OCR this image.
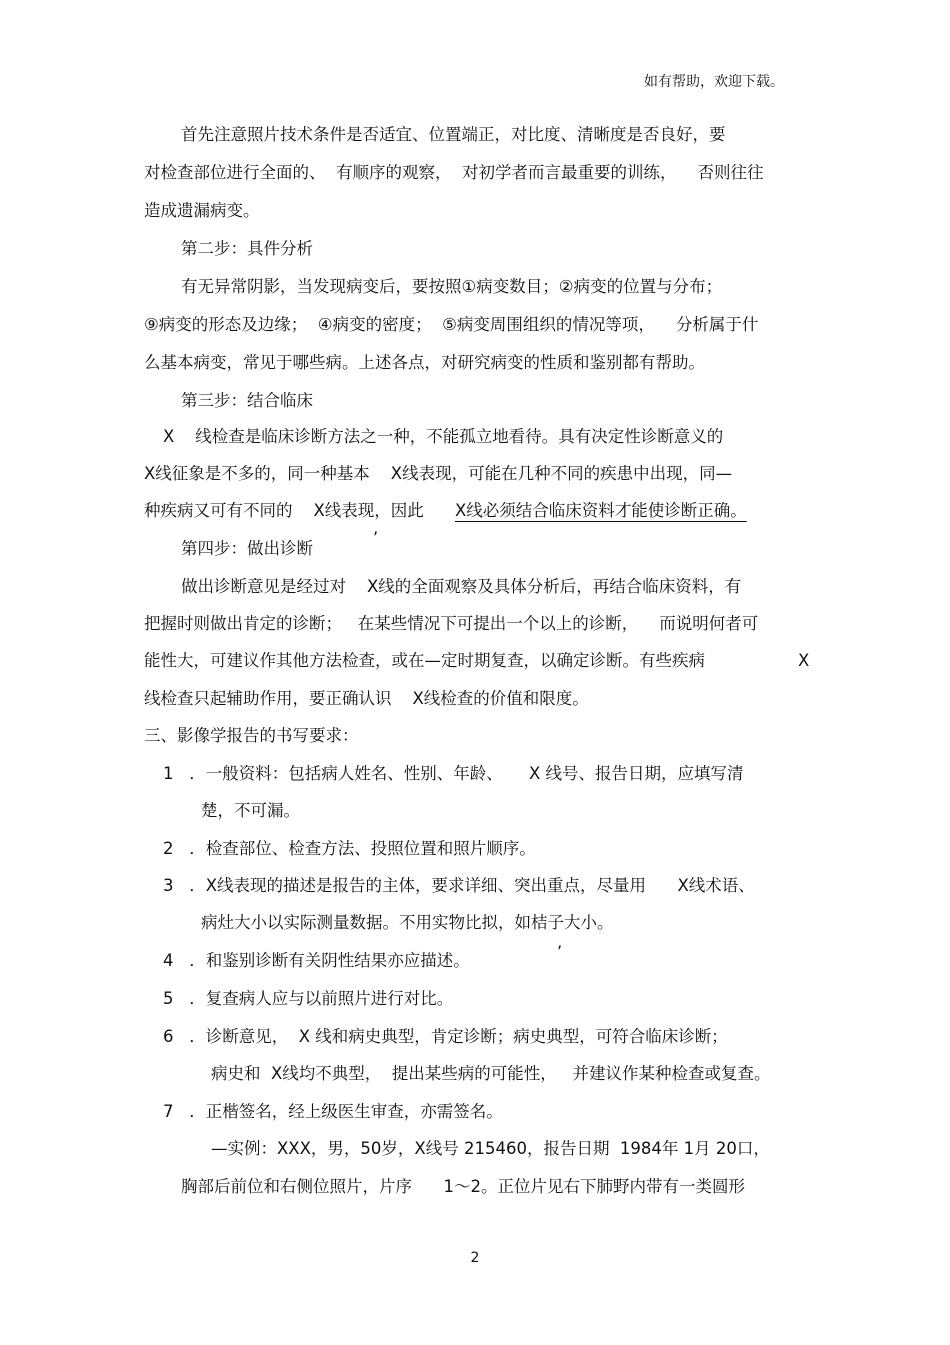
如有帮助，欢迎下载。
首先注意照片技术条件是否适宜、位置端正，对比度、清晰度是否良好，要
对检查部位进行全面的、  有顺序的观察，  对初学者而言最重要的训练，    否则往往
造成遗漏病变。
第二步：具件分析
有无异常阴影，当发现病变后，要按照①病变数目；②病变的位置与分布；
⑨病变的形态及边缘；  ④病变的密度；  ⑤病变周围组织的情况等项，    分析属于什
么基本病变，常见于哪些病。上述各点，对研究病变的性质和鉴别都有帮助。
第三步：结合临床
X    线检查是临床诊断方法之一种，不能孤立地看待。具有决定性诊断意义的
X线征象是不多的，同一种基本    X线表现，可能在几种不同的疾患中出现，同—
种疾病又可有不同的    X线表现，因此 X线必须结合临床资料才能使诊断正确。
第四步：做出诊断
’
做出诊断意见是经过对    X线的全面观察及具体分析后，再结合临床资料，有
把握时则做出肯定的诊断；   在某些情况下可提出一个以上的诊断，    而说明何者可
能性大，可建议作其他方法检查，或在—定时期复查，以确定诊断。有些疾病	X
线检查只起辅助作用，要正确认识    X线检查的价值和限度。
三、影像学报告的书写要求：
1   ．一般资料：包括病人姓名、性别、年龄、     X 线号、报告日期，应填写清
楚，不可漏。
2   ．检查部位、检查方法、投照位置和照片顺序。
3   ．X线表现的描述是报告的主体，要求详细、突出重点，尽量用      X线术语、
病灶大小以实际测量数据。不用实物比拟，如桔子大小。
4   ．和鉴别诊断有关阴性结果亦应描述。	’
5   ．复查病人应与以前照片进行对比。
6   ．诊断意见，  X 线和病史典型，肯定诊断；病史典型，可符合临床诊断；
病史和  X线均不典型，  提出某些病的可能性，   并建议作某种检查或复查。
7   ．正楷签名，经上级医生审查，亦需签名。
—实例：XXX，男，50岁，X线号 215460，报告日期  1984年 1月 20口，
胸部后前位和右侧位照片，片序      1～2。正位片见右下肺野内带有一类圆形
2
